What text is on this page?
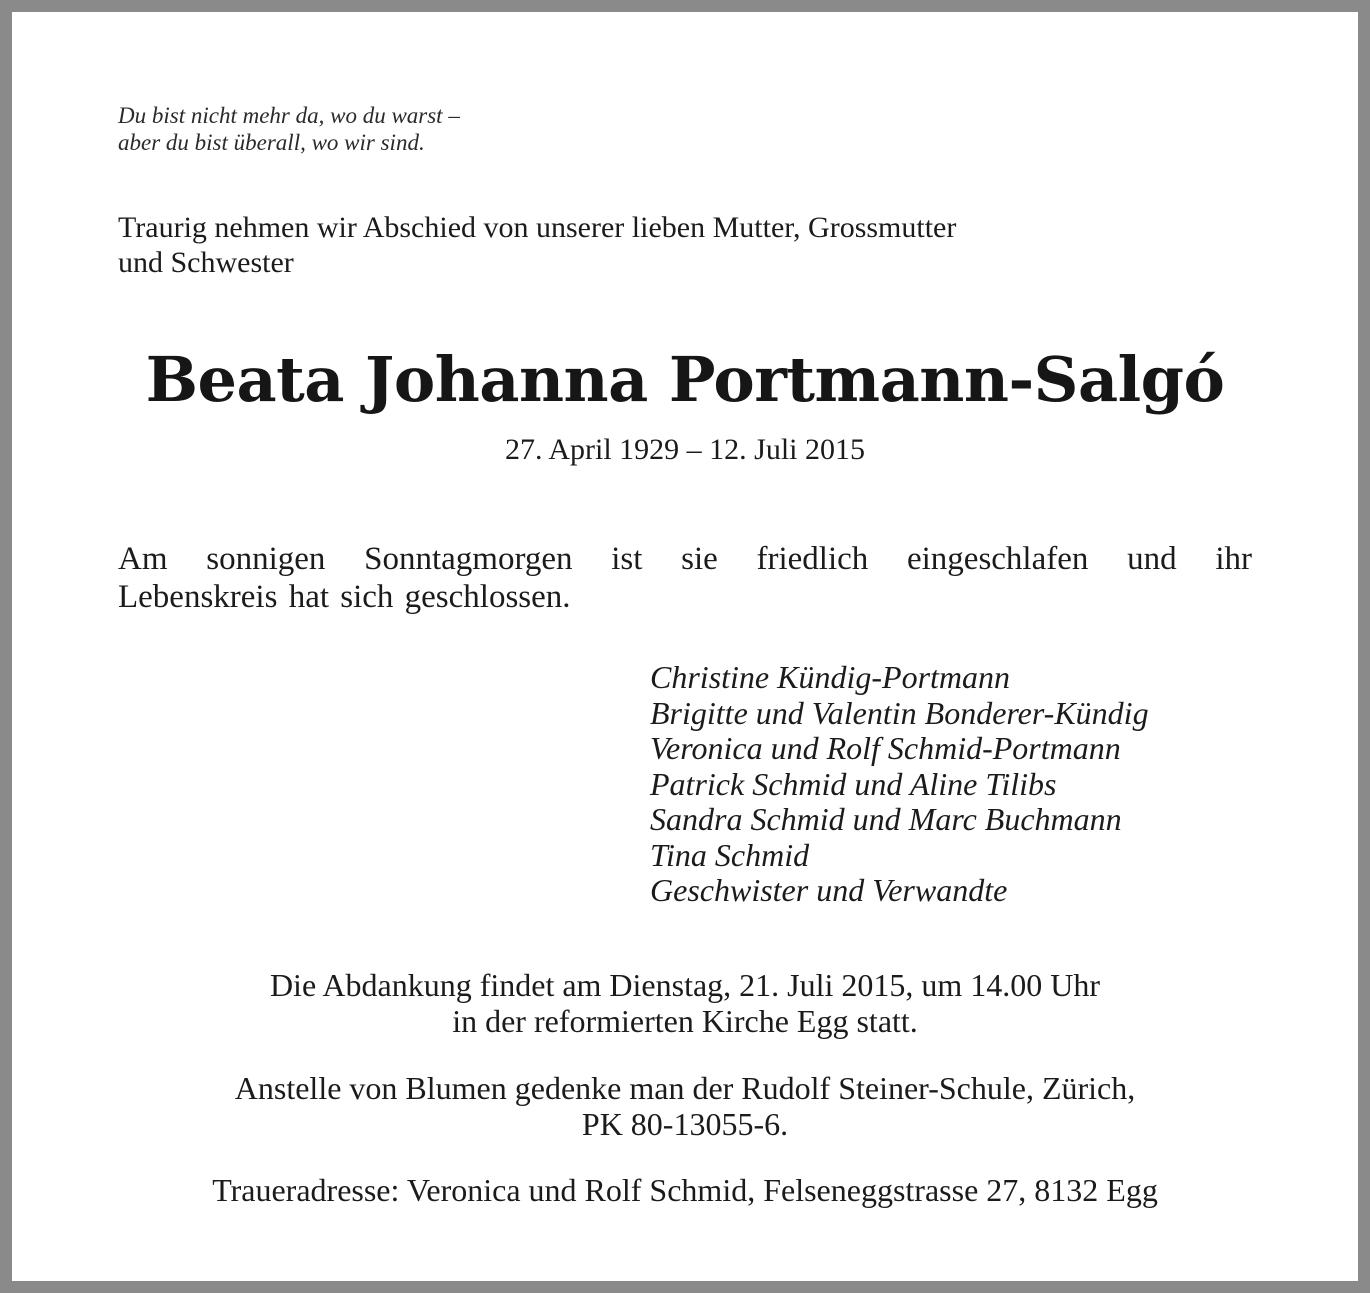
Du bist nicht mehr da, wo du warst –
aber du bist überall, wo wir sind.
Traurig nehmen wir Abschied von unserer lieben Mutter, Grossmutter
und Schwester
Beata Johanna Portmann-Salgó
27. April 1929 – 12. Juli 2015
Am sonnigen Sonntagmorgen ist sie friedlich eingeschlafen und ihr
Lebenskreis hat sich geschlossen.
Christine Kündig-Portmann
Brigitte und Valentin Bonderer-Kündig
Veronica und Rolf Schmid-Portmann
Patrick Schmid und Aline Tilibs
Sandra Schmid und Marc Buchmann
Tina Schmid
Geschwister und Verwandte
Die Abdankung findet am Dienstag, 21. Juli 2015, um 14.00 Uhr
in der reformierten Kirche Egg statt.
Anstelle von Blumen gedenke man der Rudolf Steiner-Schule, Zürich,
PK 80-13055-6.
Traueradresse: Veronica und Rolf Schmid, Felseneggstrasse 27, 8132 Egg
